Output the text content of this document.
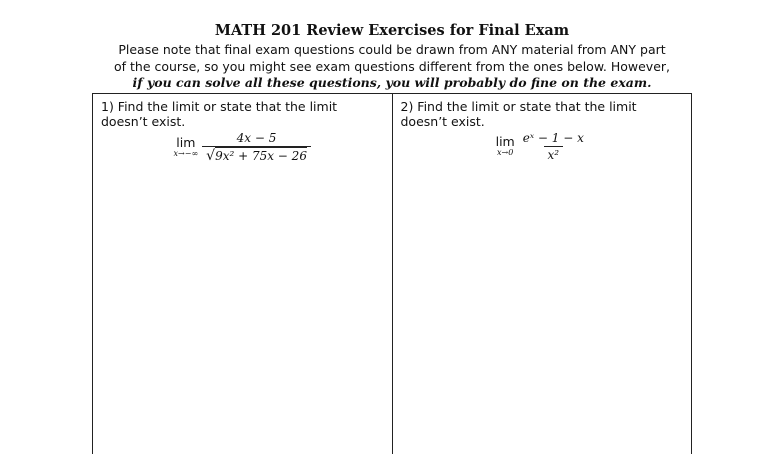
MATH 201 Review Exercises for Final Exam
Please note that final exam questions could be drawn from ANY material from ANY part
of the course, so you might see exam questions different from the ones below. However,
if you can solve all these questions, you will probably do fine on the exam.
1) Find the limit or state that the limit doesn’t exist.
lim
$x\to-\infty \frac{4x - 5}{\text{√9x² + 75x − 26}}$
2) Find the limit or state that the limit doesn’t exist.
lim
$x\to 0 \frac{\text{eˣ − 1 − x}}{\text{x²}}$
